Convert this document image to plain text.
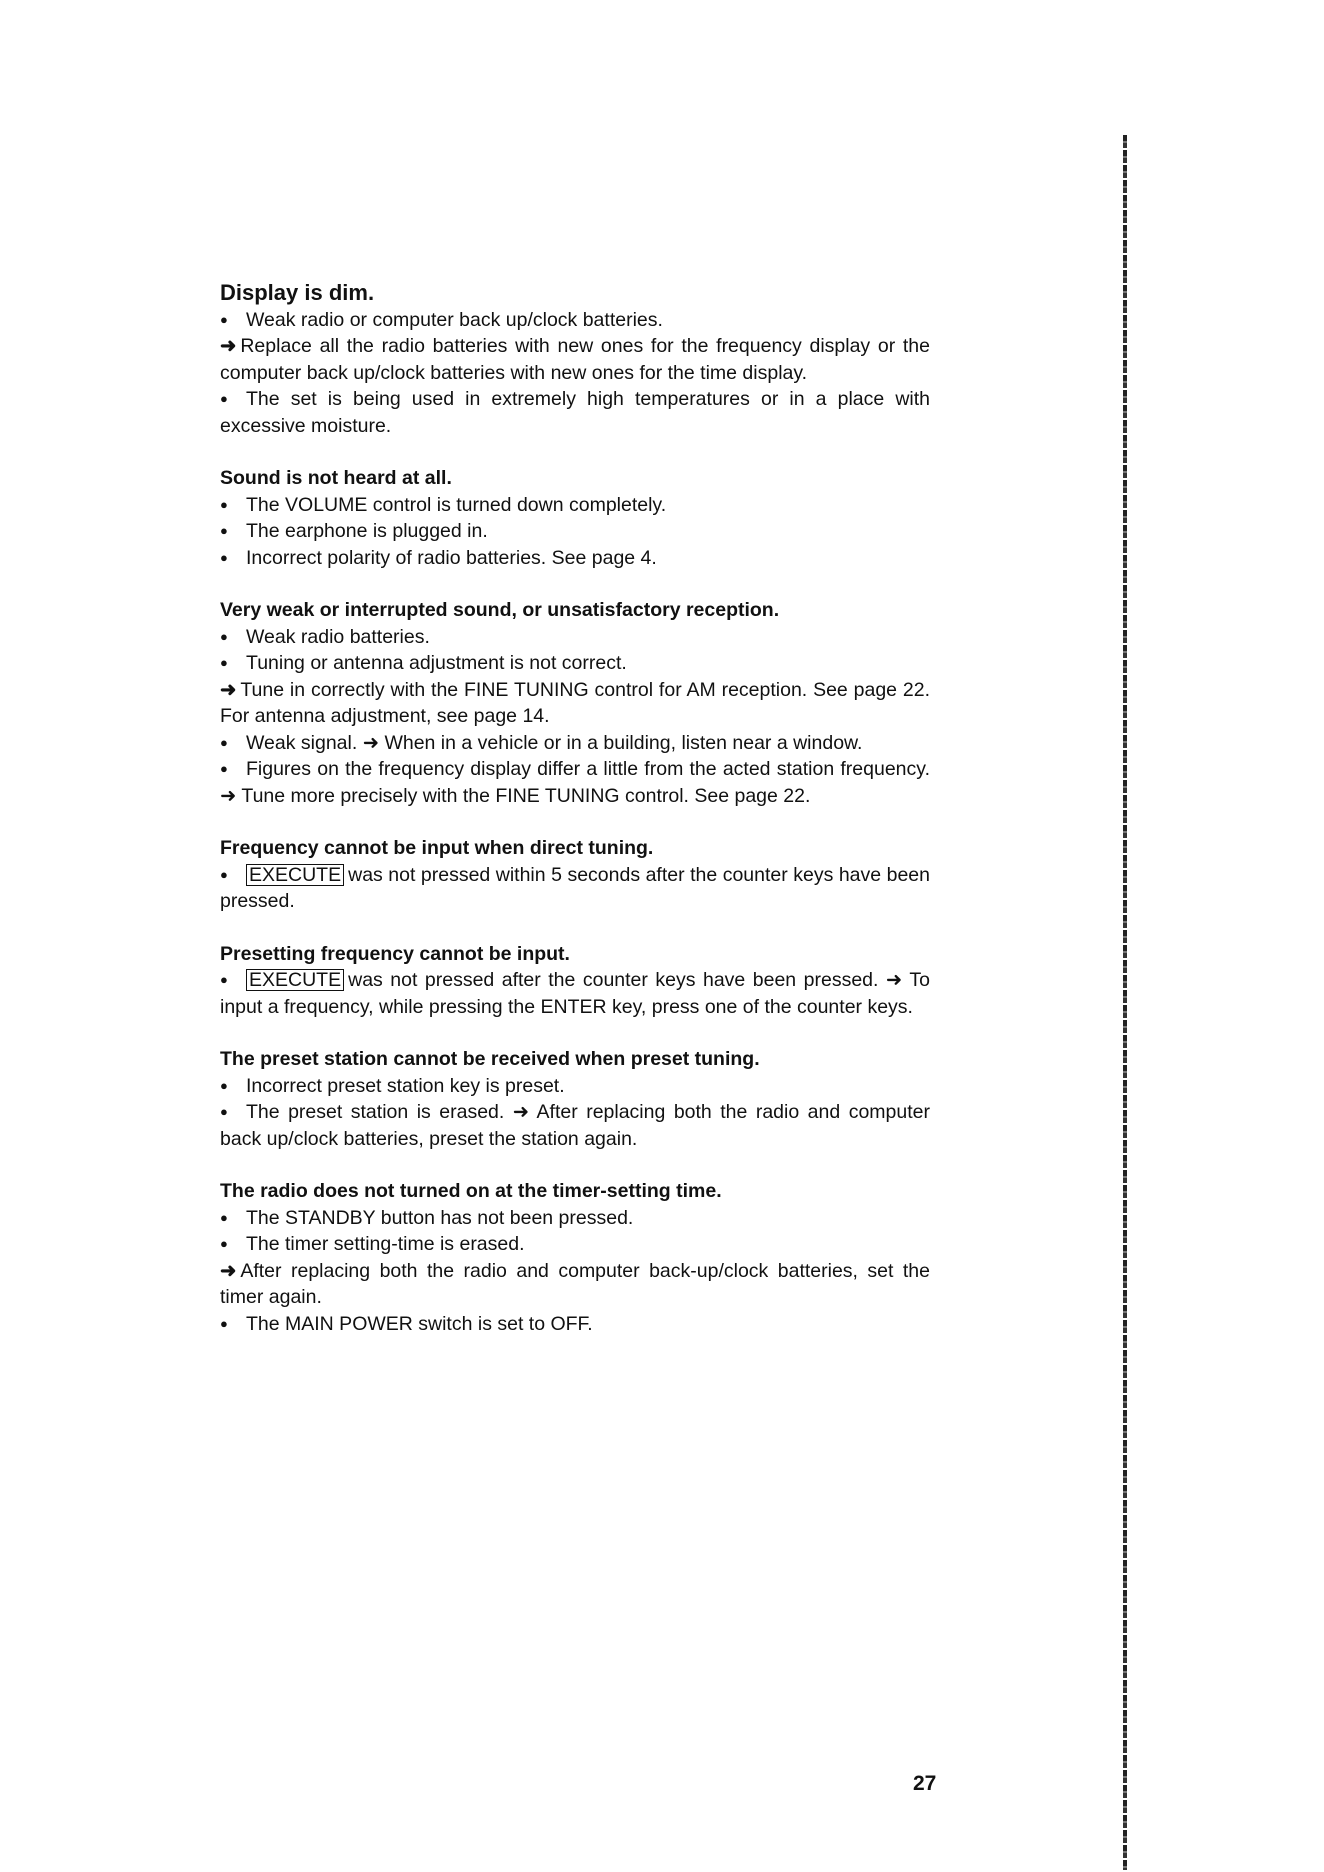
Display is dim.

● Weak radio or computer back up/clock batteries.

➜ Replace all the radio batteries with new ones for the frequency display or the computer back up/clock batteries with new ones for the time display.

● The set is being used in extremely high temperatures or in a place with excessive moisture.

Sound is not heard at all.

● The VOLUME control is turned down completely.

● The earphone is plugged in.

● Incorrect polarity of radio batteries. See page 4.

Very weak or interrupted sound, or unsatisfactory reception.

● Weak radio batteries.

● Tuning or antenna adjustment is not correct.

➜ Tune in correctly with the FINE TUNING control for AM reception. See page 22. For antenna adjustment, see page 14.

● Weak signal. ➜ When in a vehicle or in a building, listen near a window.

● Figures on the frequency display differ a little from the acted station frequency. ➜ Tune more precisely with the FINE TUNING control. See page 22.

Frequency cannot be input when direct tuning.

● EXECUTE was not pressed within 5 seconds after the counter keys have been pressed.

Presetting frequency cannot be input.

● EXECUTE was not pressed after the counter keys have been pressed. ➜ To input a frequency, while pressing the ENTER key, press one of the counter keys.

The preset station cannot be received when preset tuning.

● Incorrect preset station key is preset.

● The preset station is erased. ➜ After replacing both the radio and computer back up/clock batteries, preset the station again.

The radio does not turned on at the timer-setting time.

● The STANDBY button has not been pressed.

● The timer setting-time is erased.

➜ After replacing both the radio and computer back-up/clock batteries, set the timer again.

● The MAIN POWER switch is set to OFF.

27
